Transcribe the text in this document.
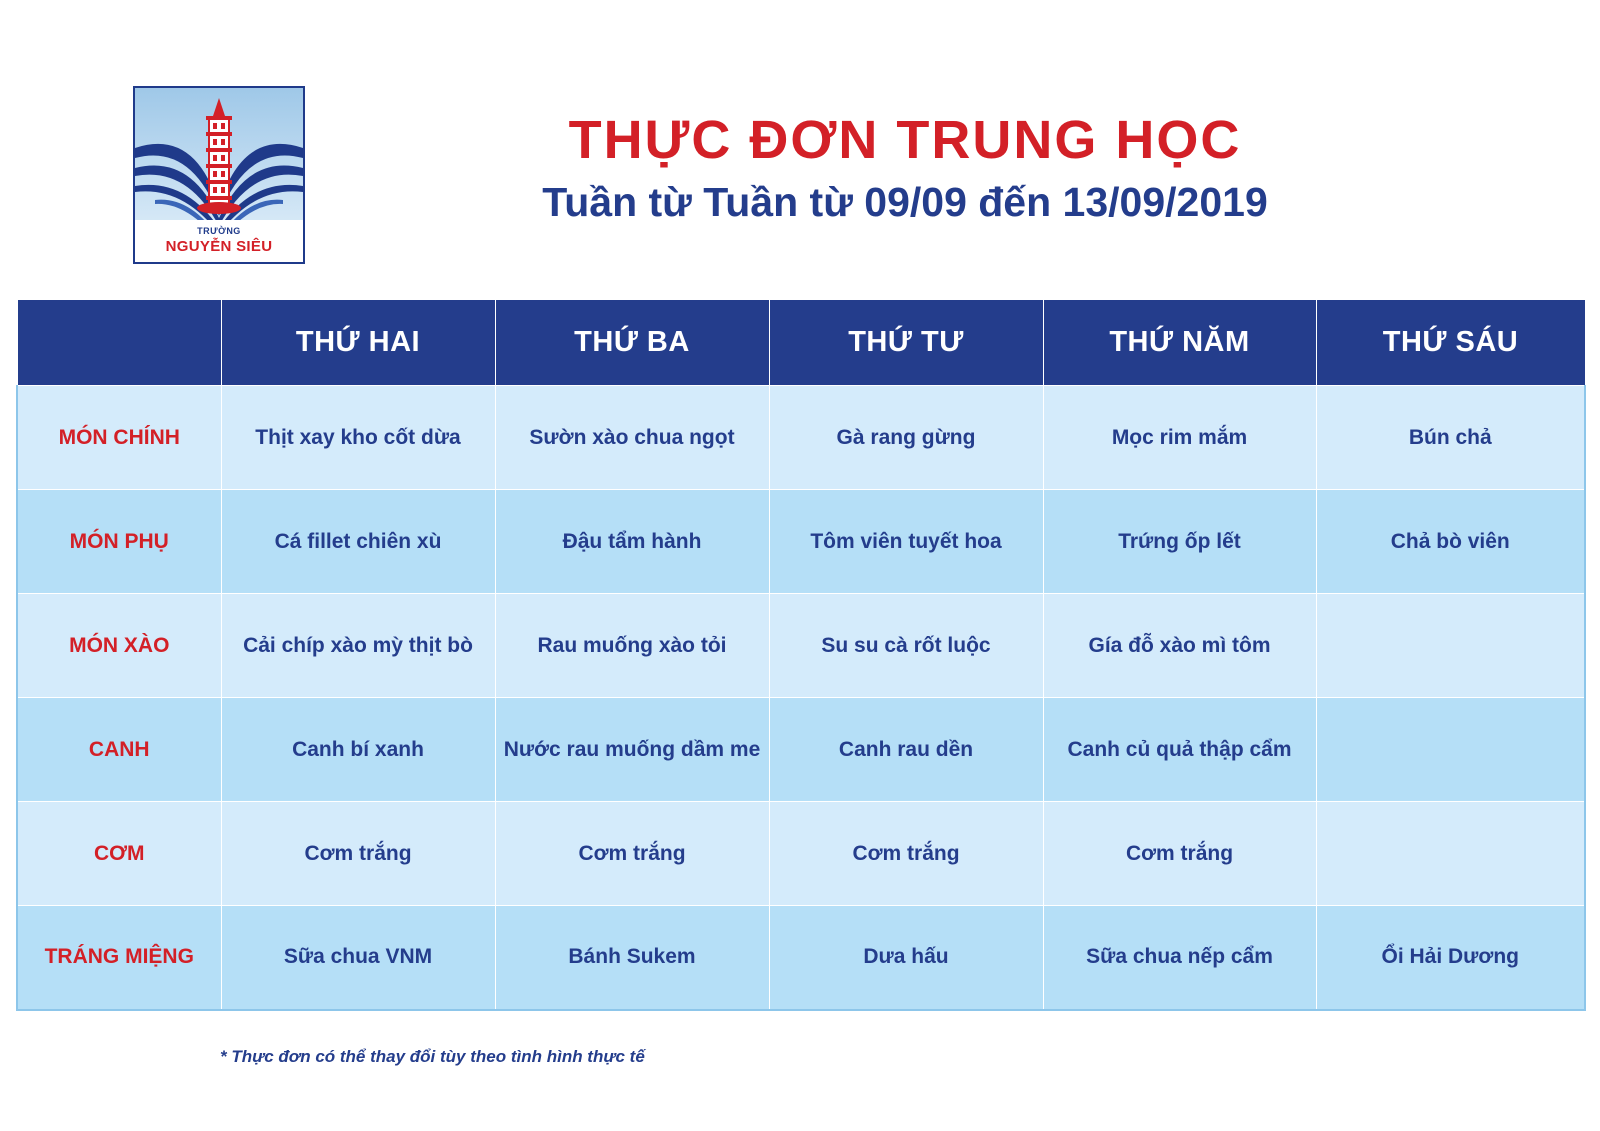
TRƯỜNG
NGUYỄN SIÊU
THỰC ĐƠN TRUNG HỌC
Tuần từ Tuần từ 09/09 đến 13/09/2019
	THỨ HAI	THỨ BA	THỨ TƯ	THỨ NĂM	THỨ SÁU
MÓN CHÍNH	Thịt xay kho cốt dừa	Sườn xào chua ngọt	Gà rang gừng	Mọc rim mắm	Bún chả
MÓN PHỤ	Cá fillet chiên xù	Đậu tẩm hành	Tôm viên tuyết hoa	Trứng ốp lết	Chả bò viên
MÓN XÀO	Cải chíp xào mỳ thịt bò	Rau muống xào tỏi	Su su cà rốt luộc	Gía đỗ xào mì tôm	
CANH	Canh bí xanh	Nước rau muống dầm me	Canh rau dền	Canh củ quả thập cẩm	
CƠM	Cơm trắng	Cơm trắng	Cơm trắng	Cơm trắng	
TRÁNG MIỆNG	Sữa chua VNM	Bánh Sukem	Dưa hấu	Sữa chua nếp cẩm	Ổi Hải Dương
* Thực đơn có thể thay đổi tùy theo tình hình thực tế
